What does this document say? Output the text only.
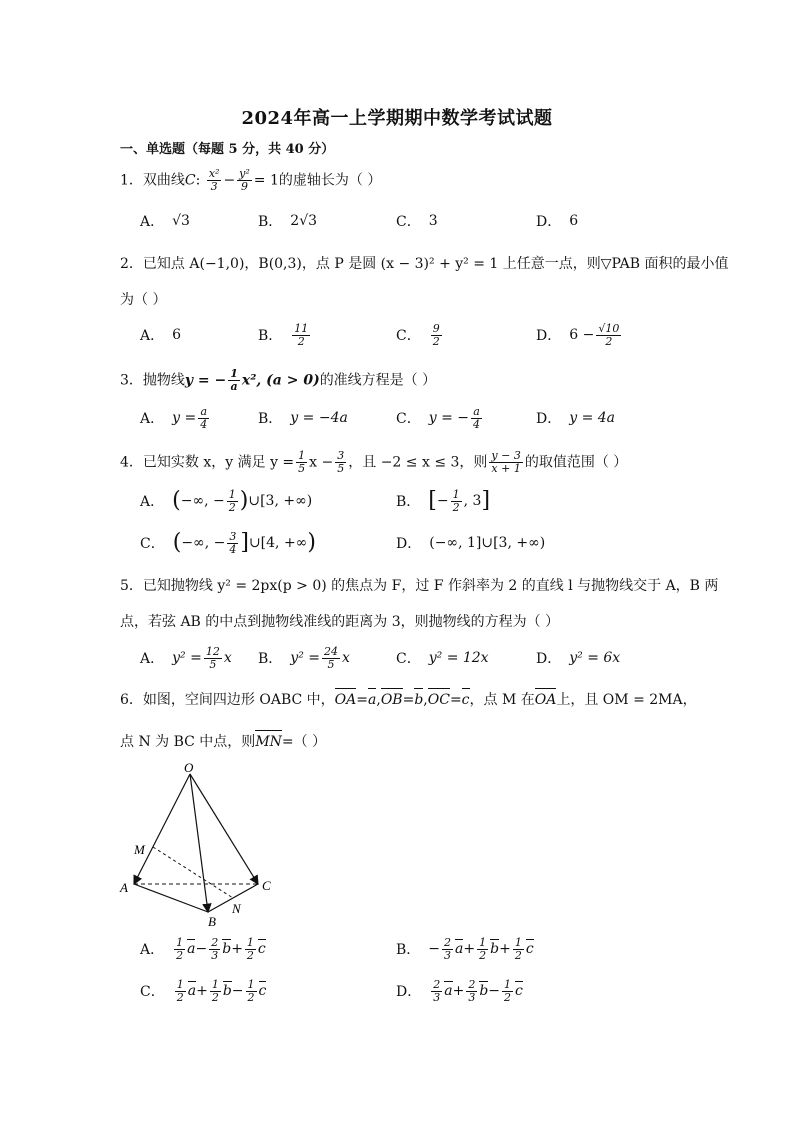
2024年高一上学期期中数学考试试题
一、单选题（每题 5 分，共 40 分）
1．双曲线C: $\frac{\text{x²}}{3} - \frac{\text{y²}}{9} = 1$的虚轴长为（ ）
A． √3	B． 2√3	C． 3	D． 6
2．已知点 A(−1,0)，B(0,3)，点 P 是圆 (x − 3)² + y² = 1 上任意一点，则▽PAB 面积的最小值
为（ ）
A． 6	B． $\frac{11}{2}$	C． $\frac{9}{2}$	D． $6 - \frac{√10}{2}$
3．抛物线y = − $\frac{1}{a} x^2$, (a > 0)的准线方程是（ ）
A． $y = \frac{a}{4}$	B． y = −4a	C． y = − $\frac{a}{4}$	D． y = 4a
4．已知实数 x，y 满足 $y = \frac{1}{5}$ $x - \frac{3}{5}$ ，且 −2 ≤ x ≤ 3，则 $\frac{y - 3}{x + 1}$ 的取值范围（ ）
A． ( −∞, − $\frac{1}{2}$ ) ∪[3, +∞)	B． [ − $\frac{1}{2}$ , 3 ]
C． ( −∞, − $\frac{3}{4}$ ] ∪[4, +∞ )	D． (−∞, 1]∪[3, +∞)
5．已知抛物线 y² = 2px(p > 0) 的焦点为 F，过 F 作斜率为 2 的直线 l 与抛物线交于 A，B 两
点，若弦 AB 的中点到抛物线准线的距离为 3，则抛物线的方程为（ ）
A． $y^2 = \frac{12}{5}$ x B． $y^2 = \frac{24}{5}$ x	C． y² = 12x	D． y² = 6x
6．如图，空间四边形 OABC 中，OA=a,OB=b,OC=c，点 M 在OA上，且 OM = 2MA，
点 N 为 BC 中点，则MN=（ ）
O
M
A
B
C
N
A． $\frac{1}{2}$ $a - \frac{2}{3}$ $b + \frac{1}{2}$ c	B． − $\frac{2}{3}$ $a + \frac{1}{2}$ $b + \frac{1}{2}$ c
C． $\frac{1}{2}$ $a + \frac{1}{2}$ $b - \frac{1}{2}$ c	D． $\frac{2}{3}$ $a + \frac{2}{3}$ $b - \frac{1}{2}$ c
